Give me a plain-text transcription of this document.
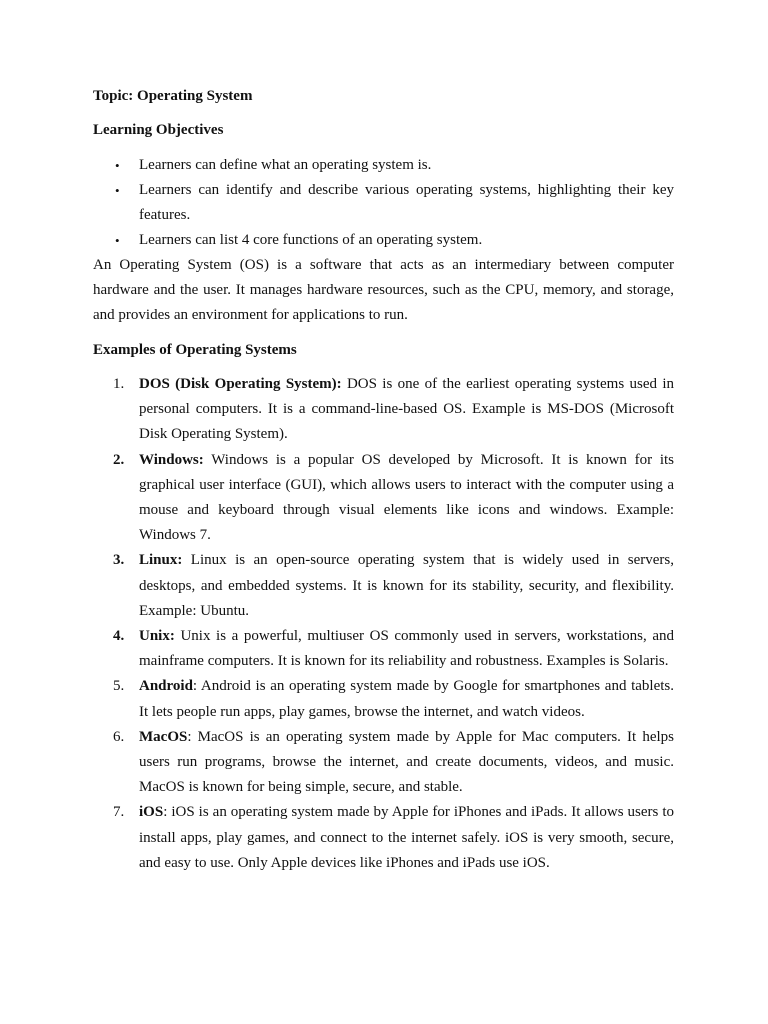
Topic: Operating System

Learning Objectives

• Learners can define what an operating system is.
• Learners can identify and describe various operating systems, highlighting their key features.
• Learners can list 4 core functions of an operating system.

An Operating System (OS) is a software that acts as an intermediary between computer hardware and the user. It manages hardware resources, such as the CPU, memory, and storage, and provides an environment for applications to run.

Examples of Operating Systems

1. DOS (Disk Operating System): DOS is one of the earliest operating systems used in personal computers. It is a command-line-based OS. Example is MS-DOS (Microsoft Disk Operating System).
2. Windows: Windows is a popular OS developed by Microsoft. It is known for its graphical user interface (GUI), which allows users to interact with the computer using a mouse and keyboard through visual elements like icons and windows. Example: Windows 7.
3. Linux: Linux is an open-source operating system that is widely used in servers, desktops, and embedded systems. It is known for its stability, security, and flexibility. Example: Ubuntu.
4. Unix: Unix is a powerful, multiuser OS commonly used in servers, workstations, and mainframe computers. It is known for its reliability and robustness. Examples is Solaris.
5. Android: Android is an operating system made by Google for smartphones and tablets. It lets people run apps, play games, browse the internet, and watch videos.
6. MacOS: MacOS is an operating system made by Apple for Mac computers. It helps users run programs, browse the internet, and create documents, videos, and music. MacOS is known for being simple, secure, and stable.
7. iOS: iOS is an operating system made by Apple for iPhones and iPads. It allows users to install apps, play games, and connect to the internet safely. iOS is very smooth, secure, and easy to use. Only Apple devices like iPhones and iPads use iOS.
